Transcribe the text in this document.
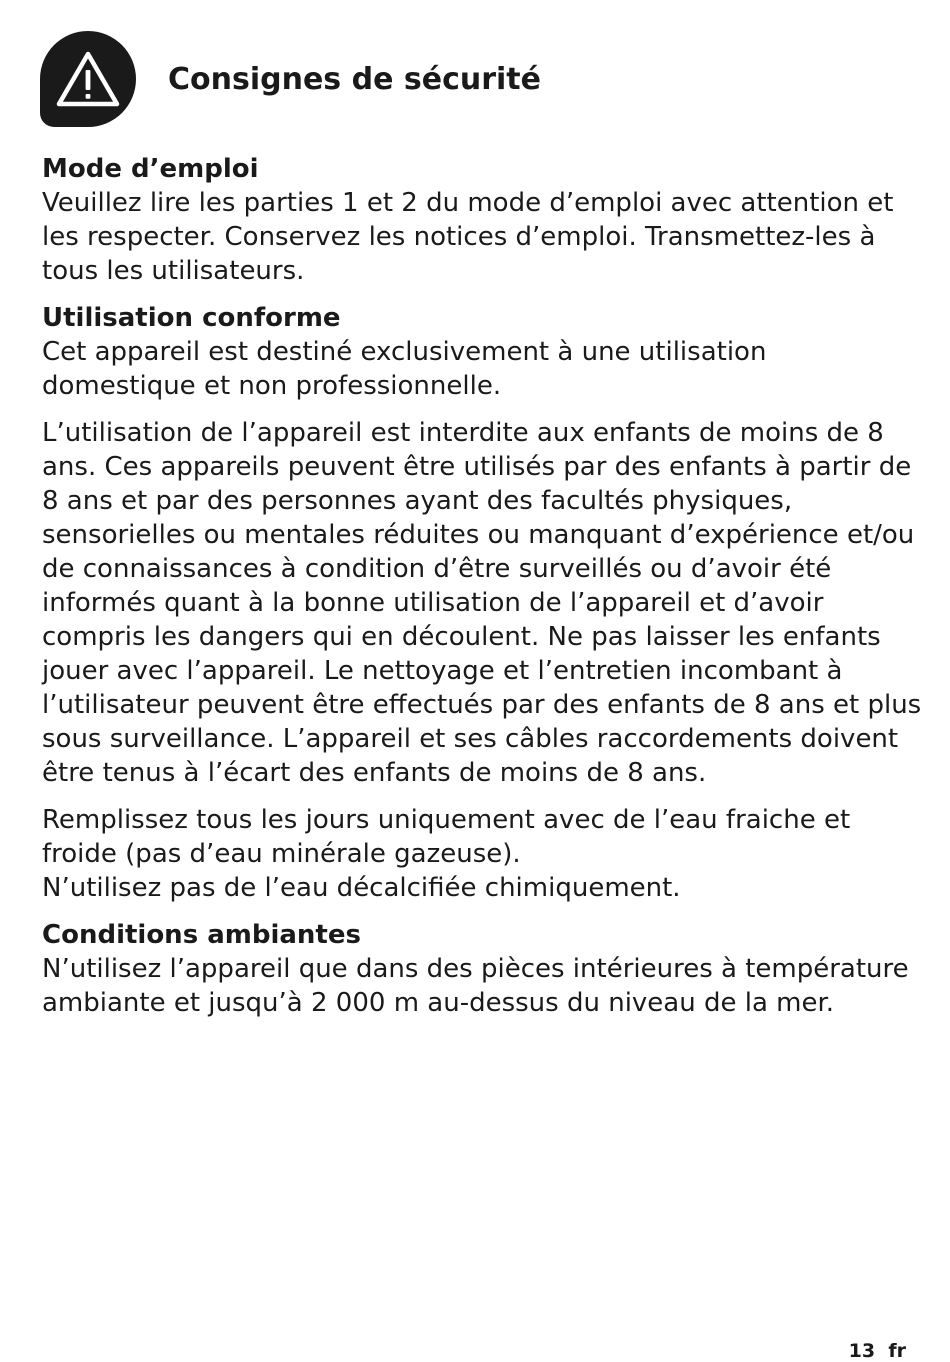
Consignes de sécurité
Mode d’emploi

Veuillez lire les parties 1 et 2 du mode d’emploi avec attention et les respecter. Conservez les notices d’emploi. Transmettez-les à tous les utilisateurs.

Utilisation conforme

Cet appareil est destiné exclusivement à une utilisation domestique et non professionnelle.

L’utilisation de l’appareil est interdite aux enfants de moins de 8 ans. Ces appareils peuvent être utilisés par des enfants à partir de 8 ans et par des personnes ayant des facultés physiques, sensorielles ou mentales réduites ou manquant d’expérience et/ou de connaissances à condition d’être surveillés ou d’avoir été informés quant à la bonne utilisation de l’appareil et d’avoir compris les dangers qui en découlent. Ne pas laisser les enfants jouer avec l’appareil. Le nettoyage et l’entretien incombant à l’utilisateur peuvent être effectués par des enfants de 8 ans et plus sous surveillance. L’appareil et ses câbles raccordements doivent être tenus à l’écart des enfants de moins de 8 ans.

Remplissez tous les jours uniquement avec de l’eau fraiche et froide (pas d’eau minérale gazeuse).

N’utilisez pas de l’eau décalcifiée chimiquement.

Conditions ambiantes

N’utilisez l’appareil que dans des pièces intérieures à température ambiante et jusqu’à 2 000 m au-dessus du niveau de la mer.

13 fr
